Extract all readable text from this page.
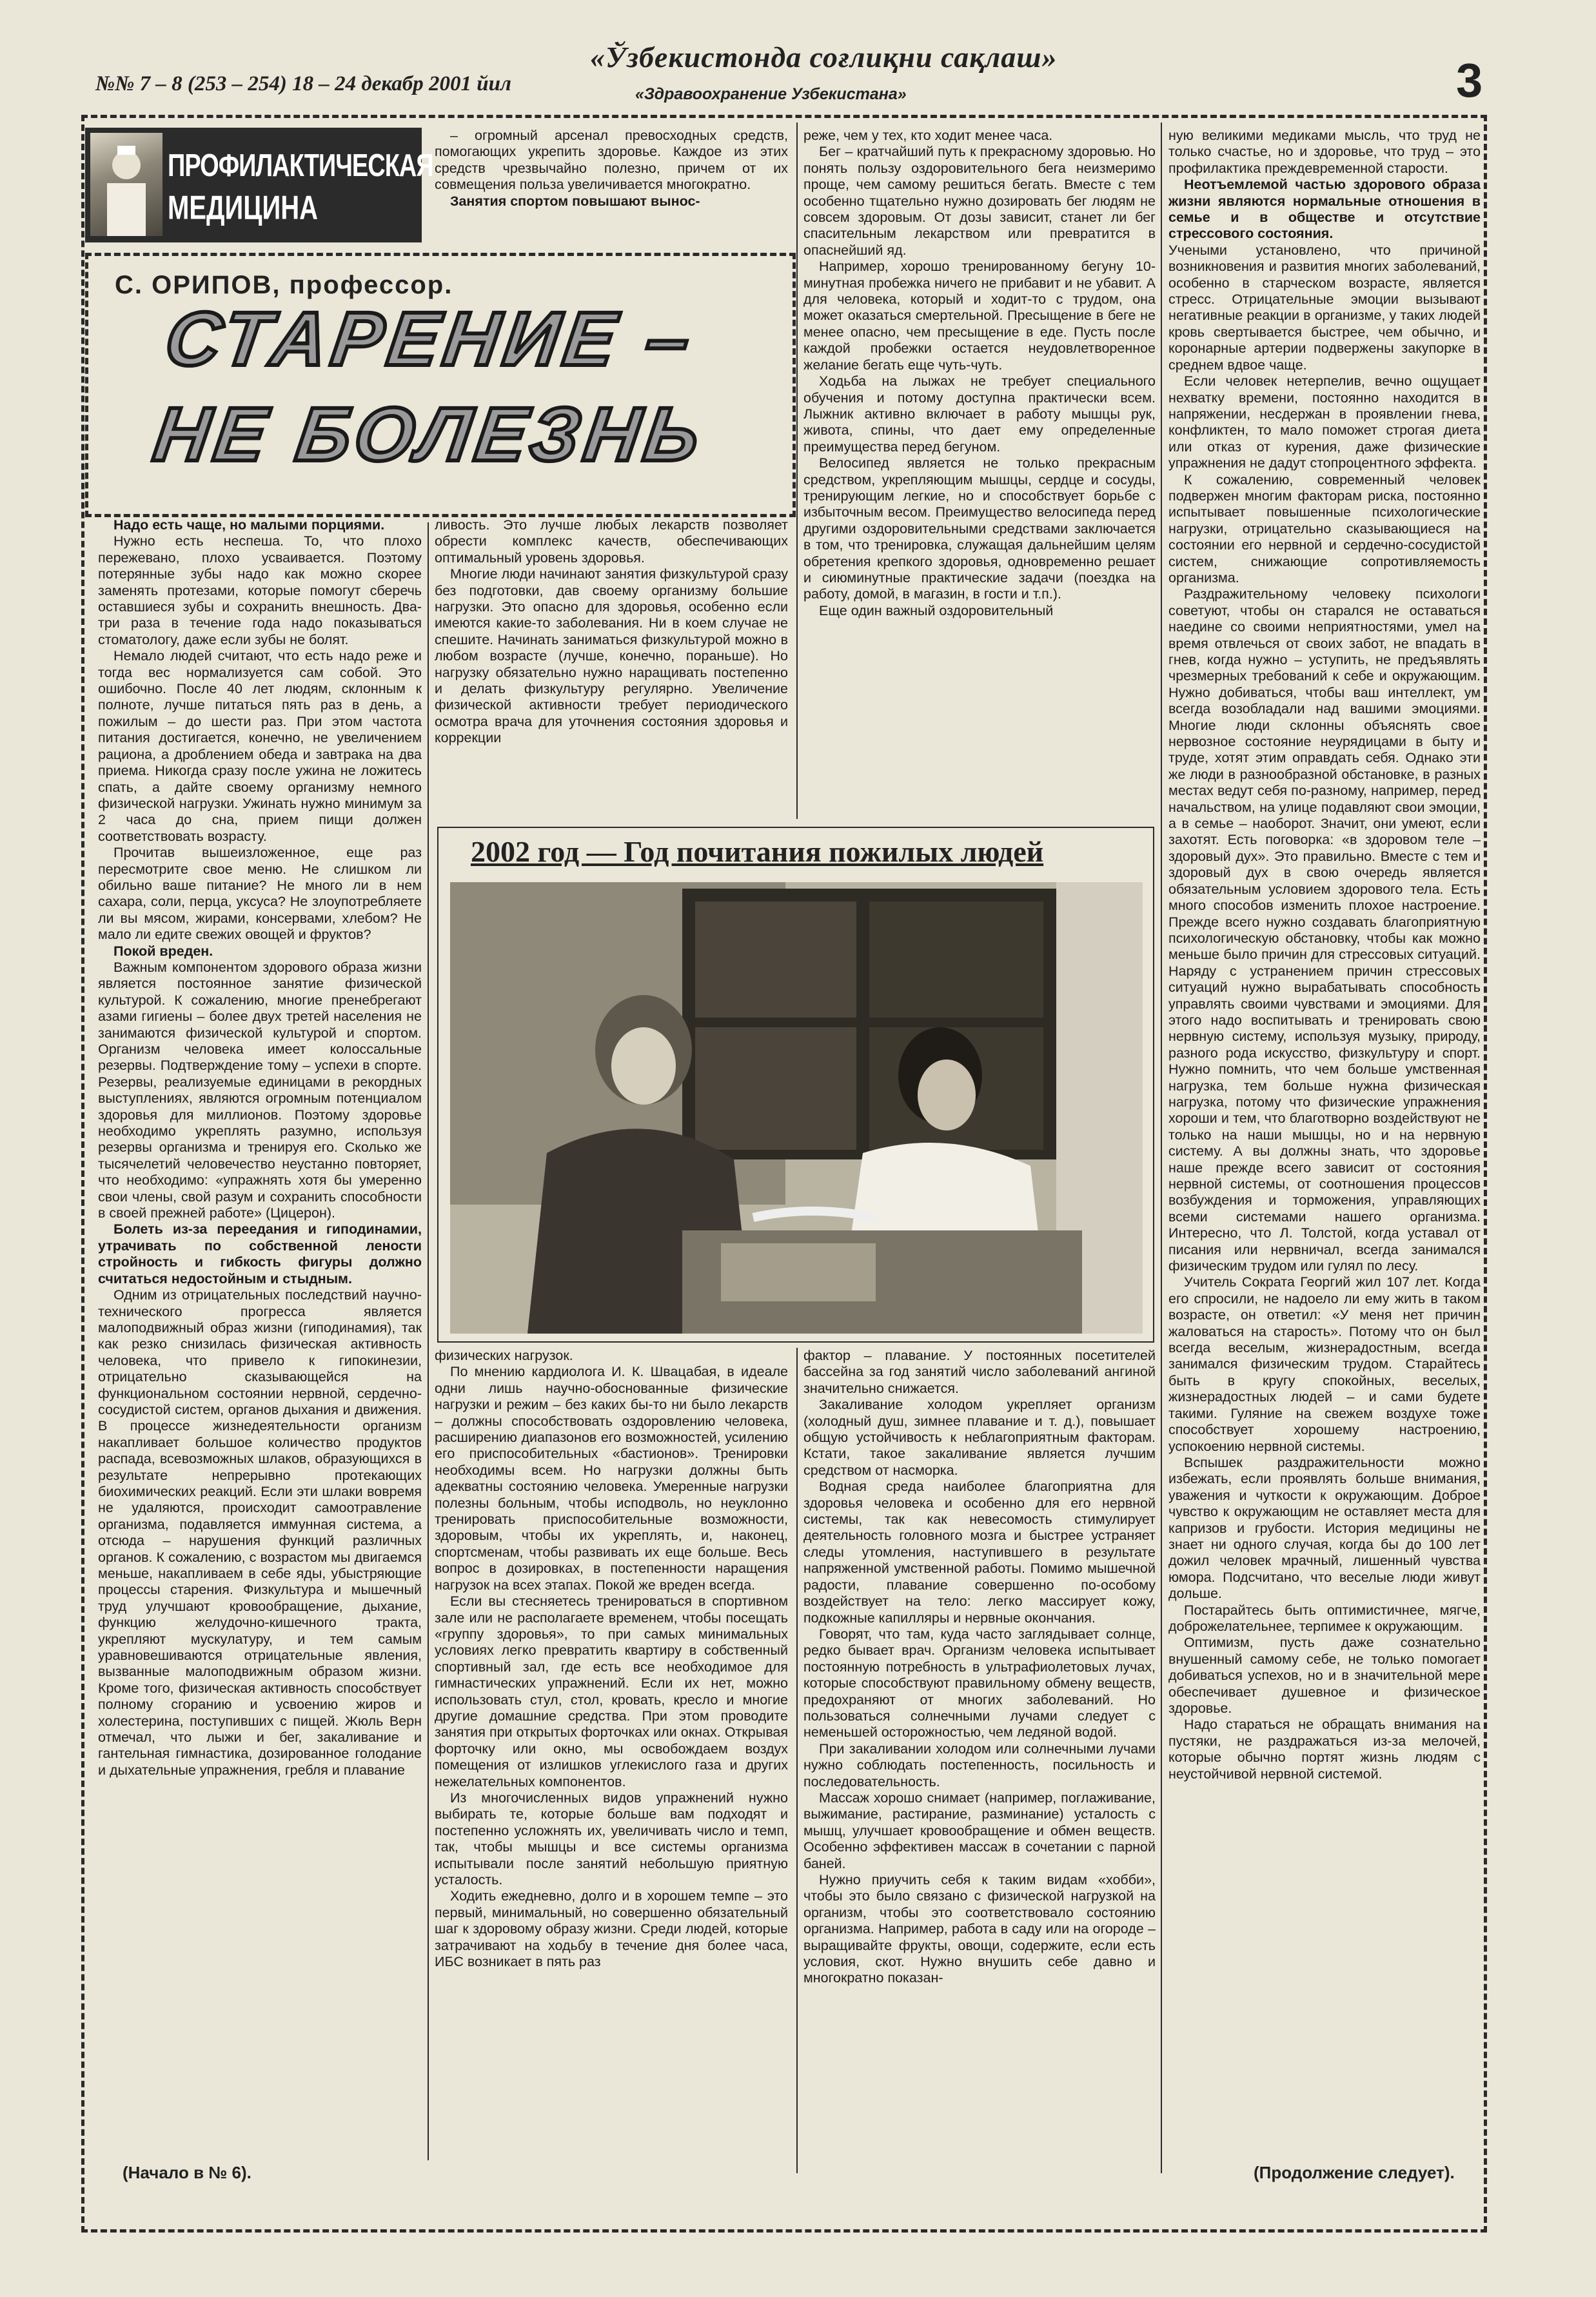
№№ 7 – 8 (253 – 254) 18 – 24 декабр 2001 йил
«Ўзбекистонда соғлиқни сақлаш»
«Здравоохранение Узбекистана»	3
ПРОФИЛАКТИЧЕСКАЯ
МЕДИЦИНА
С. ОРИПОВ, профессор.
СТАРЕНИЕ –
НЕ БОЛЕЗНЬ

– огромный арсенал превосходных средств, помогающих укрепить здоровье. Каждое из этих средств чрезвычайно полезно, причем от их совмещения польза увеличивается многократно.

Занятия спортом повышают вынос-

Надо есть чаще, но малыми порциями.

Нужно есть неспеша. То, что плохо пережевано, плохо усваивается. Поэтому потерянные зубы надо как можно скорее заменять протезами, которые помогут сберечь оставшиеся зубы и сохранить внешность. Два-три раза в течение года надо показываться стоматологу, даже если зубы не болят.

Немало людей считают, что есть надо реже и тогда вес нормализуется сам собой. Это ошибочно. После 40 лет людям, склонным к полноте, лучше питаться пять раз в день, а пожилым – до шести раз. При этом частота питания достигается, конечно, не увеличением рациона, а дроблением обеда и завтрака на два приема. Никогда сразу после ужина не ложитесь спать, а дайте своему организму немного физической нагрузки. Ужинать нужно минимум за 2 часа до сна, прием пищи должен соответствовать возрасту.

Прочитав вышеизложенное, еще раз пересмотрите свое меню. Не слишком ли обильно ваше питание? Не много ли в нем сахара, соли, перца, уксуса? Не злоупотребляете ли вы мясом, жирами, консервами, хлебом? Не мало ли едите свежих овощей и фруктов?

Покой вреден.

Важным компонентом здорового образа жизни является постоянное занятие физической культурой. К сожалению, многие пренебрегают азами гигиены – более двух третей населения не занимаются физической культурой и спортом. Организм человека имеет колоссальные резервы. Подтверждение тому – успехи в спорте. Резервы, реализуемые единицами в рекордных выступлениях, являются огромным потенциалом здоровья для миллионов. Поэтому здоровье необходимо укреплять разумно, используя резервы организма и тренируя его. Сколько же тысячелетий человечество неустанно повторяет, что необходимо: «упражнять хотя бы умеренно свои члены, свой разум и сохранить способности в своей прежней работе» (Цицерон).

Болеть из-за переедания и гиподинамии, утрачивать по собственной лености стройность и гибкость фигуры должно считаться недостойным и стыдным.

Одним из отрицательных последствий научно-технического прогресса является малоподвижный образ жизни (гиподинамия), так как резко снизилась физическая активность человека, что привело к гипокинезии, отрицательно сказывающейся на функциональном состоянии нервной, сердечно-сосудистой систем, органов дыхания и движения. В процессе жизнедеятельности организм накапливает большое количество продуктов распада, всевозможных шлаков, образующихся в результате непрерывно протекающих биохимических реакций. Если эти шлаки вовремя не удаляются, происходит самоотравление организма, подавляется иммунная система, а отсюда – нарушения функций различных органов. К сожалению, с возрастом мы двигаемся меньше, накапливаем в себе яды, убыстряющие процессы старения. Физкультура и мышечный труд улучшают кровообращение, дыхание, функцию желудочно-кишечного тракта, укрепляют мускулатуру, и тем самым уравновешиваются отрицательные явления, вызванные малоподвижным образом жизни. Кроме того, физическая активность способствует полному сгоранию и усвоению жиров и холестерина, поступивших с пищей. Жюль Верн отмечал, что лыжи и бег, закаливание и гантельная гимнастика, дозированное голодание и дыхательные упражнения, гребля и плавание

ливость. Это лучше любых лекарств позволяет обрести комплекс качеств, обеспечивающих оптимальный уровень здоровья.

Многие люди начинают занятия физкультурой сразу без подготовки, дав своему организму большие нагрузки. Это опасно для здоровья, особенно если имеются какие-то заболевания. Ни в коем случае не спешите. Начинать заниматься физкультурой можно в любом возрасте (лучше, конечно, пораньше). Но нагрузку обязательно нужно наращивать постепенно и делать физкультуру регулярно. Увеличение физической активности требует периодического осмотра врача для уточнения состояния здоровья и коррекции

реже, чем у тех, кто ходит менее часа.

Бег – кратчайший путь к прекрасному здоровью. Но понять пользу оздоровительного бега неизмеримо проще, чем самому решиться бегать. Вместе с тем особенно тщательно нужно дозировать бег людям не совсем здоровым. От дозы зависит, станет ли бег спасительным лекарством или превратится в опаснейший яд.

Например, хорошо тренированному бегуну 10-минутная пробежка ничего не прибавит и не убавит. А для человека, который и ходит-то с трудом, она может оказаться смертельной. Пресыщение в беге не менее опасно, чем пресыщение в еде. Пусть после каждой пробежки остается неудовлетворенное желание бегать еще чуть-чуть.

Ходьба на лыжах не требует специального обучения и потому доступна практически всем. Лыжник активно включает в работу мышцы рук, живота, спины, что дает ему определенные преимущества перед бегуном.

Велосипед является не только прекрасным средством, укрепляющим мышцы, сердце и сосуды, тренирующим легкие, но и способствует борьбе с избыточным весом. Преимущество велосипеда перед другими оздоровительными средствами заключается в том, что тренировка, служащая дальнейшим целям обретения крепкого здоровья, одновременно решает и сиюминутные практические задачи (поездка на работу, домой, в магазин, в гости и т.п.).

Еще один важный оздоровительный

физических нагрузок.

По мнению кардиолога И. К. Швацабая, в идеале одни лишь научно-обоснованные физические нагрузки и режим – без каких бы-то ни было лекарств – должны способствовать оздоровлению человека, расширению диапазонов его возможностей, усилению его приспособительных «бастионов». Тренировки необходимы всем. Но нагрузки должны быть адекватны состоянию человека. Умеренные нагрузки полезны больным, чтобы исподволь, но неуклонно тренировать приспособительные возможности, здоровым, чтобы их укреплять, и, наконец, спортсменам, чтобы развивать их еще больше. Весь вопрос в дозировках, в постепенности наращения нагрузок на всех этапах. Покой же вреден всегда.

Если вы стесняетесь тренироваться в спортивном зале или не располагаете временем, чтобы посещать «группу здоровья», то при самых минимальных условиях легко превратить квартиру в собственный спортивный зал, где есть все необходимое для гимнастических упражнений. Если их нет, можно использовать стул, стол, кровать, кресло и многие другие домашние средства. При этом проводите занятия при открытых форточках или окнах. Открывая форточку или окно, мы освобождаем воздух помещения от излишков углекислого газа и других нежелательных компонентов.

Из многочисленных видов упражнений нужно выбирать те, которые больше вам подходят и постепенно усложнять их, увеличивать число и темп, так, чтобы мышцы и все системы организма испытывали после занятий небольшую приятную усталость.

Ходить ежедневно, долго и в хорошем темпе – это первый, минимальный, но совершенно обязательный шаг к здоровому образу жизни. Среди людей, которые затрачивают на ходьбу в течение дня более часа, ИБС возникает в пять раз

фактор – плавание. У постоянных посетителей бассейна за год занятий число заболеваний ангиной значительно снижается.

Закаливание холодом укрепляет организм (холодный душ, зимнее плавание и т. д.), повышает общую устойчивость к неблагоприятным факторам. Кстати, такое закаливание является лучшим средством от насморка.

Водная среда наиболее благоприятна для здоровья человека и особенно для его нервной системы, так как невесомость стимулирует деятельность головного мозга и быстрее устраняет следы утомления, наступившего в результате напряженной умственной работы. Помимо мышечной радости, плавание совершенно по-особому воздействует на тело: легко массирует кожу, подкожные капилляры и нервные окончания.

Говорят, что там, куда часто заглядывает солнце, редко бывает врач. Организм человека испытывает постоянную потребность в ультрафиолетовых лучах, которые способствуют правильному обмену веществ, предохраняют от многих заболеваний. Но пользоваться солнечными лучами следует с неменьшей осторожностью, чем ледяной водой.

При закаливании холодом или солнечными лучами нужно соблюдать постепенность, посильность и последовательность.

Массаж хорошо снимает (например, поглаживание, выжимание, растирание, разминание) усталость с мышц, улучшает кровообращение и обмен веществ. Особенно эффективен массаж в сочетании с парной баней.

Нужно приучить себя к таким видам «хобби», чтобы это было связано с физической нагрузкой на организм, чтобы это соответствовало состоянию организма. Например, работа в саду или на огороде – выращивайте фрукты, овощи, содержите, если есть условия, скот. Нужно внушить себе давно и многократно показан-

ную великими медиками мысль, что труд не только счастье, но и здоровье, что труд – это профилактика преждевременной старости.

Неотъемлемой частью здорового образа жизни являются нормальные отношения в семье и в обществе и отсутствие стрессового состояния.

Учеными установлено, что причиной возникновения и развития многих заболеваний, особенно в старческом возрасте, является стресс. Отрицательные эмоции вызывают негативные реакции в организме, у таких людей кровь свертывается быстрее, чем обычно, и коронарные артерии подвержены закупорке в среднем вдвое чаще.

Если человек нетерпелив, вечно ощущает нехватку времени, постоянно находится в напряжении, несдержан в проявлении гнева, конфликтен, то мало поможет строгая диета или отказ от курения, даже физические упражнения не дадут стопроцентного эффекта.

К сожалению, современный человек подвержен многим факторам риска, постоянно испытывает повышенные психологические нагрузки, отрицательно сказывающиеся на состоянии его нервной и сердечно-сосудистой систем, снижающие сопротивляемость организма.

Раздражительному человеку психологи советуют, чтобы он старался не оставаться наедине со своими неприятностями, умел на время отвлечься от своих забот, не впадать в гнев, когда нужно – уступить, не предъявлять чрезмерных требований к себе и окружающим. Нужно добиваться, чтобы ваш интеллект, ум всегда возобладали над вашими эмоциями. Многие люди склонны объяснять свое нервозное состояние неурядицами в быту и труде, хотят этим оправдать себя. Однако эти же люди в разнообразной обстановке, в разных местах ведут себя по-разному, например, перед начальством, на улице подавляют свои эмоции, а в семье – наоборот. Значит, они умеют, если захотят. Есть поговорка: «в здоровом теле – здоровый дух». Это правильно. Вместе с тем и здоровый дух в свою очередь является обязательным условием здорового тела. Есть много способов изменить плохое настроение. Прежде всего нужно создавать благоприятную психологическую обстановку, чтобы как можно меньше было причин для стрессовых ситуаций. Наряду с устранением причин стрессовых ситуаций нужно вырабатывать способность управлять своими чувствами и эмоциями. Для этого надо воспитывать и тренировать свою нервную систему, используя музыку, природу, разного рода искусство, физкультуру и спорт. Нужно помнить, что чем больше умственная нагрузка, тем больше нужна физическая нагрузка, потому что физические упражнения хороши и тем, что благотворно воздействуют не только на наши мышцы, но и на нервную систему. А вы должны знать, что здоровье наше прежде всего зависит от состояния нервной системы, от соотношения процессов возбуждения и торможения, управляющих всеми системами нашего организма. Интересно, что Л. Толстой, когда уставал от писания или нервничал, всегда занимался физическим трудом или гулял по лесу.

Учитель Сократа Георгий жил 107 лет. Когда его спросили, не надоело ли ему жить в таком возрасте, он ответил: «У меня нет причин жаловаться на старость». Потому что он был всегда веселым, жизнерадостным, всегда занимался физическим трудом. Старайтесь быть в кругу спокойных, веселых, жизнерадостных людей – и сами будете такими. Гуляние на свежем воздухе тоже способствует хорошему настроению, успокоению нервной системы.

Вспышек раздражительности можно избежать, если проявлять больше внимания, уважения и чуткости к окружающим. Доброе чувство к окружающим не оставляет места для капризов и грубости. История медицины не знает ни одного случая, когда бы до 100 лет дожил человек мрачный, лишенный чувства юмора. Подсчитано, что веселые люди живут дольше.

Постарайтесь быть оптимистичнее, мягче, доброжелательнее, терпимее к окружающим.

Оптимизм, пусть даже сознательно внушенный самому себе, не только помогает добиваться успехов, но и в значительной мере обеспечивает душевное и физическое здоровье.

Надо стараться не обращать внимания на пустяки, не раздражаться из-за мелочей, которые обычно портят жизнь людям с неустойчивой нервной системой.

2002 год — Год почитания пожилых людей
(Начало в № 6).	(Продолжение следует).
